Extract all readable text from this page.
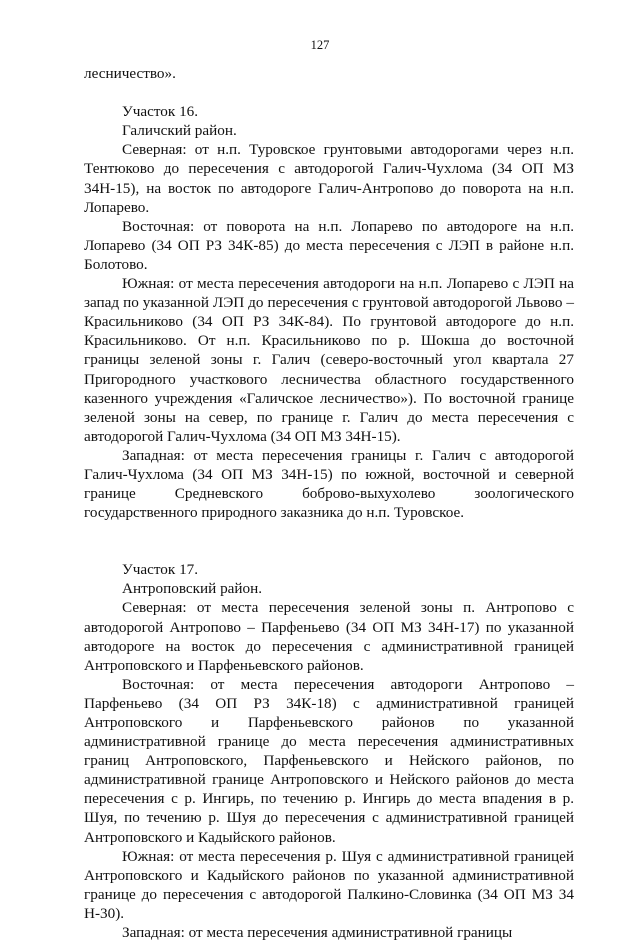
127

лесничество».

Участок 16.

Галичский район.

Северная: от н.п. Туровское грунтовыми автодорогами через н.п. Тентюково до пересечения с автодорогой Галич-Чухлома (34 ОП МЗ 34Н-15), на восток по автодороге Галич-Антропово до поворота на н.п. Лопарево.

Восточная: от поворота на н.п. Лопарево по автодороге на н.п. Лопарево (34 ОП РЗ 34К-85) до места пересечения с ЛЭП в районе н.п. Болотово.

Южная: от места пересечения автодороги на н.п. Лопарево с ЛЭП на запад по указанной ЛЭП до пересечения с грунтовой автодорогой Львово – Красильниково (34 ОП РЗ 34К-84). По грунтовой автодороге до н.п. Красильниково. От н.п. Красильниково по р. Шокша до восточной границы зеленой зоны г. Галич (северо-восточный угол квартала 27 Пригородного участкового лесничества областного государственного казенного учреждения «Галичское лесничество»). По восточной границе зеленой зоны на север, по границе г. Галич до места пересечения с автодорогой Галич-Чухлома (34 ОП МЗ 34Н-15).

Западная: от места пересечения границы г. Галич с автодорогой Галич-Чухлома (34 ОП МЗ 34Н-15) по южной, восточной и северной границе Средневского боброво-выхухолево зоологического государственного природного заказника до н.п. Туровское.

Участок 17.

Антроповский район.

Северная: от места пересечения зеленой зоны п. Антропово с автодорогой Антропово – Парфеньево (34 ОП МЗ 34Н-17) по указанной автодороге на восток до пересечения с административной границей Антроповского и Парфеньевского районов.

Восточная: от места пересечения автодороги Антропово – Парфеньево (34 ОП РЗ 34К-18) с административной границей Антроповского и Парфеньевского районов по указанной административной границе до места пересечения административных границ Антроповского, Парфеньевского и Нейского районов, по административной границе Антроповского и Нейского районов до места пересечения с р. Ингирь, по течению р. Ингирь до места впадения в р. Шуя, по течению р. Шуя до пересечения с административной границей Антроповского и Кадыйского районов.

Южная: от места пересечения р. Шуя с административной границей Антроповского и Кадыйского районов по указанной административной границе до пересечения с автодорогой Палкино-Словинка (34 ОП МЗ 34 Н-30).

Западная: от места пересечения административной границы
